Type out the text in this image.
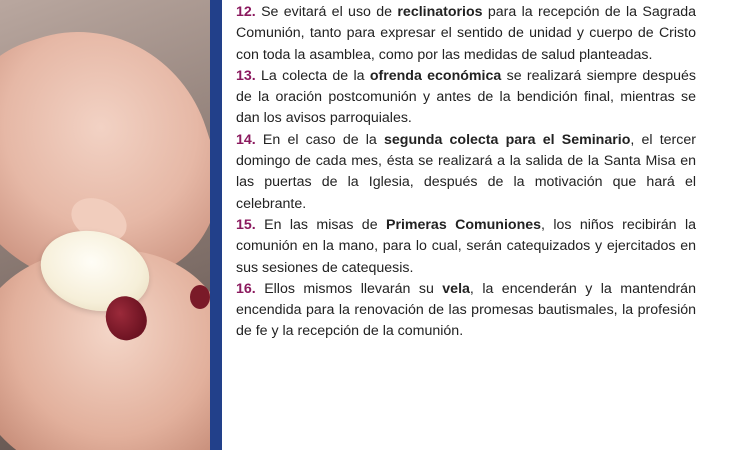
12. Se evitará el uso de reclinatorios para la recepción de la Sagrada Comunión, tanto para expresar el sentido de unidad y cuerpo de Cristo con toda la asamblea, como por las medidas de salud planteadas.

13. La colecta de la ofrenda económica se realizará siempre después de la oración postcomunión y antes de la bendición final, mientras se dan los avisos parroquiales.

14. En el caso de la segunda colecta para el Seminario, el tercer domingo de cada mes, ésta se realizará a la salida de la Santa Misa en las puertas de la Iglesia, después de la motivación que hará el celebrante.

15. En las misas de Primeras Comuniones, los niños recibirán la comunión en la mano, para lo cual, serán catequizados y ejercitados en sus sesiones de catequesis.

16. Ellos mismos llevarán su vela, la encenderán y la mantendrán encendida para la renovación de las promesas bautismales, la profesión de fe y la recepción de la comunión.
